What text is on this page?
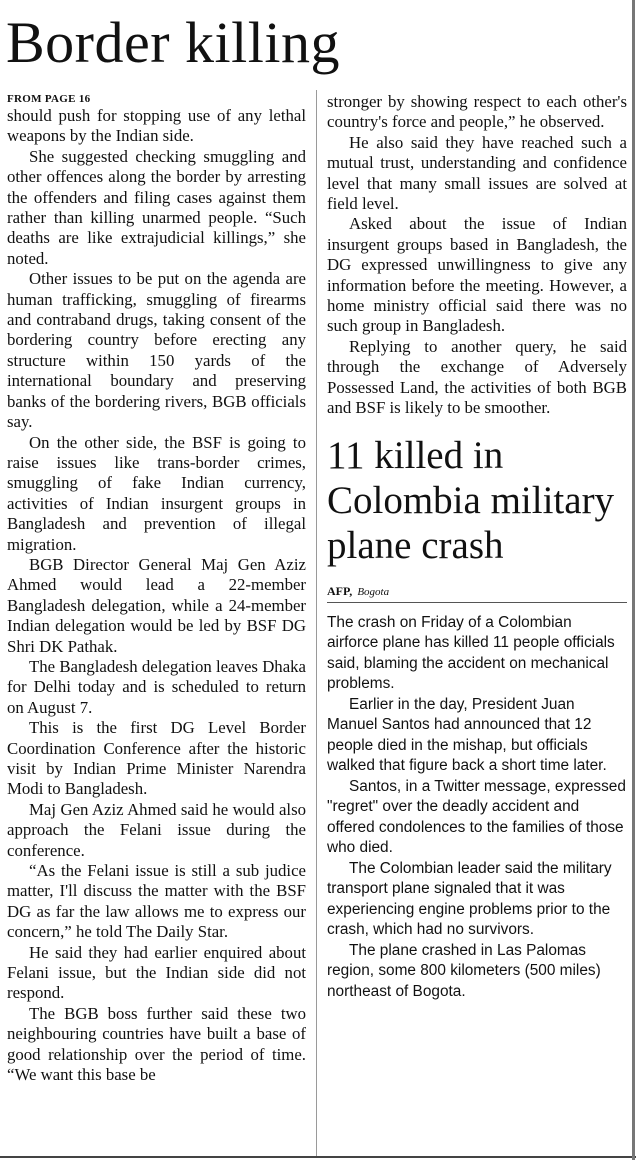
Border killing
FROM PAGE 16

should push for stopping use of any lethal weapons by the Indian side.

She suggested checking smuggling and other offences along the border by arresting the offenders and filing cases against them rather than killing unarmed people. “Such deaths are like extrajudicial killings,” she noted.

Other issues to be put on the agenda are human trafficking, smuggling of firearms and contraband drugs, taking consent of the bordering country before erecting any structure within 150 yards of the international boundary and preserving banks of the bordering rivers, BGB officials say.

On the other side, the BSF is going to raise issues like trans-border crimes, smuggling of fake Indian currency, activities of Indian insurgent groups in Bangladesh and prevention of illegal migration.

BGB Director General Maj Gen Aziz Ahmed would lead a 22-member Bangladesh delegation, while a 24-member Indian delegation would be led by BSF DG Shri DK Pathak.

The Bangladesh delegation leaves Dhaka for Delhi today and is scheduled to return on August 7.

This is the first DG Level Border Coordination Conference after the historic visit by Indian Prime Minister Narendra Modi to Bangladesh.

Maj Gen Aziz Ahmed said he would also approach the Felani issue during the conference.

“As the Felani issue is still a sub judice matter, I'll discuss the matter with the BSF DG as far the law allows me to express our concern,” he told The Daily Star.

He said they had earlier enquired about Felani issue, but the Indian side did not respond.

The BGB boss further said these two neighbouring countries have built a base of good relationship over the period of time. “We want this base be

stronger by showing respect to each other's country's force and people,” he observed.

He also said they have reached such a mutual trust, understanding and confidence level that many small issues are solved at field level.

Asked about the issue of Indian insurgent groups based in Bangladesh, the DG expressed unwillingness to give any information before the meeting. However, a home ministry official said there was no such group in Bangladesh.

Replying to another query, he said through the exchange of Adversely Possessed Land, the activities of both BGB and BSF is likely to be smoother.

11 killed in Colombia military plane crash
AFP, Bogota

The crash on Friday of a Colombian airforce plane has killed 11 people officials said, blaming the accident on mechanical problems.

Earlier in the day, President Juan Manuel Santos had announced that 12 people died in the mishap, but officials walked that figure back a short time later.

Santos, in a Twitter message, expressed "regret" over the deadly accident and offered condolences to the families of those who died.

The Colombian leader said the military transport plane signaled that it was experiencing engine problems prior to the crash, which had no survivors.

The plane crashed in Las Palomas region, some 800 kilometers (500 miles) northeast of Bogota.
